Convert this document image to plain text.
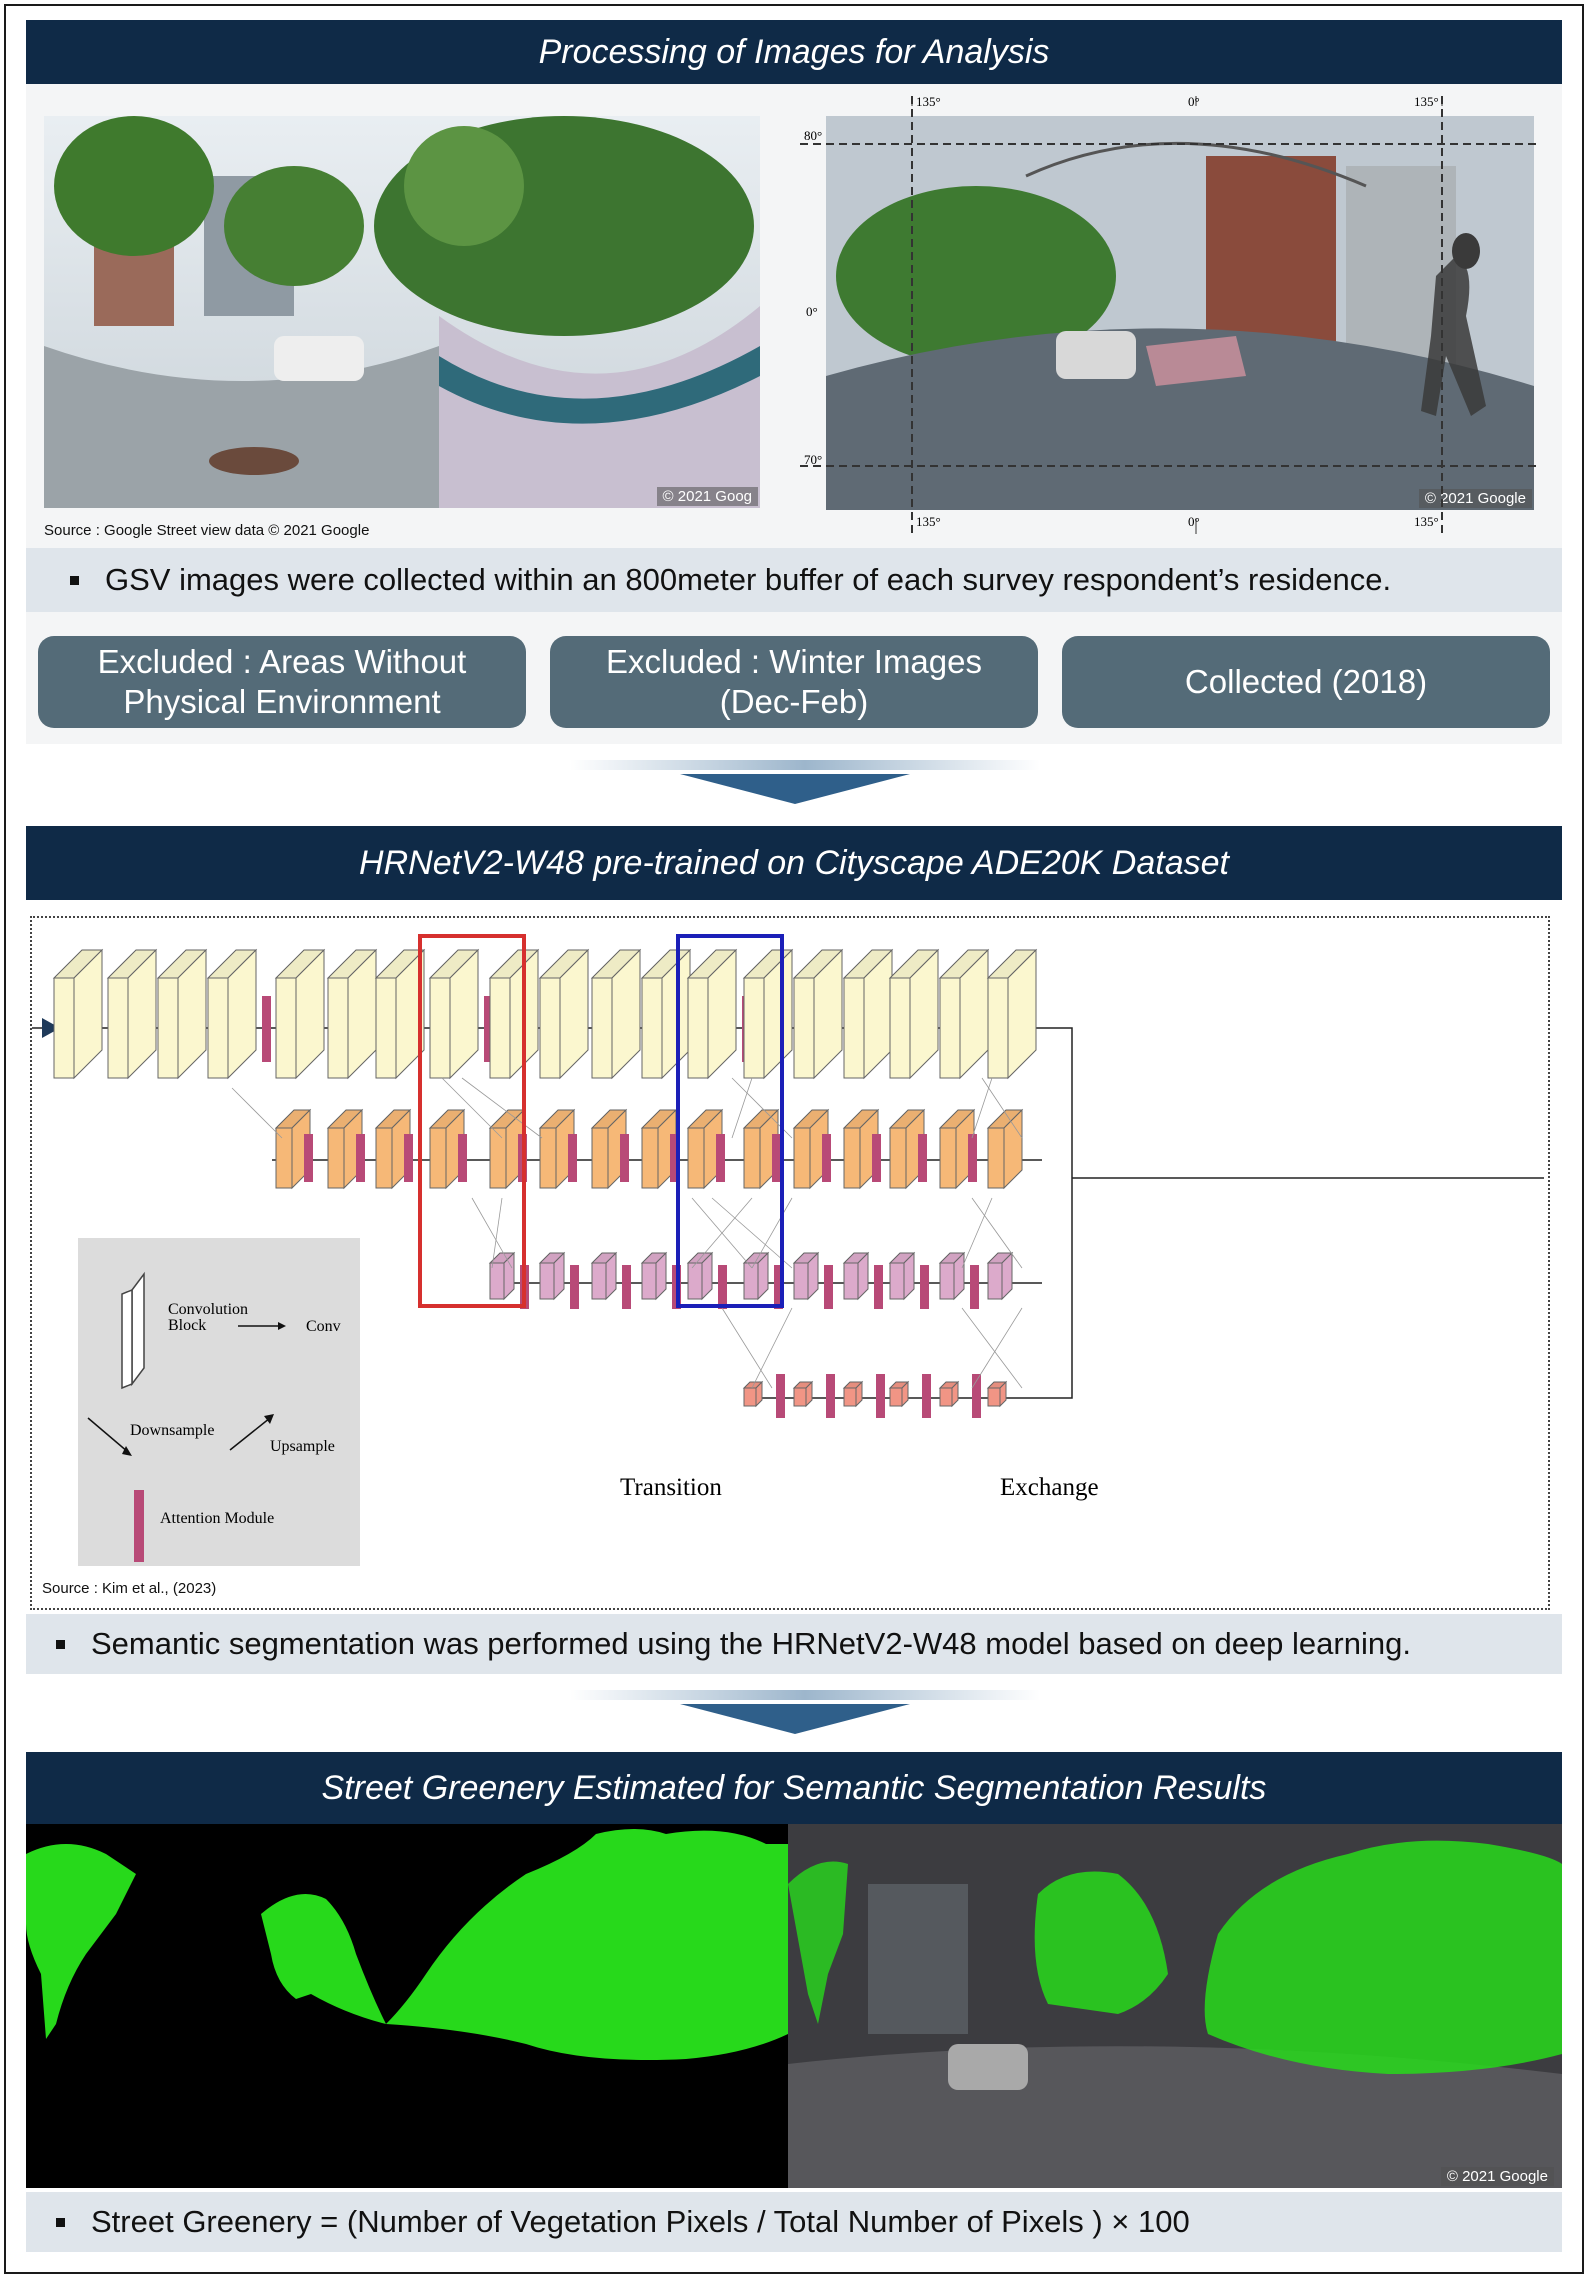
Processing of Images for Analysis
© 2021 Goog
Source : Google Street view data © 2021 Google
© 2021 Google
135°	0°	135°
135°	0°	135°
80°
0°
70°
GSV images were collected within an 800meter buffer of each survey respondent’s residence.
Excluded : Areas Without
Physical Environment
Excluded : Winter Images
(Dec-Feb)
Collected (2018)
HRNetV2-W48 pre-trained on Cityscape ADE20K Dataset
Convolution
Block	Conv
Downsample
Upsample
Attention Module
Transition	Exchange
Source : Kim et al., (2023)
Semantic segmentation was performed using the HRNetV2-W48 model based on deep learning.
Street Greenery Estimated for Semantic Segmentation Results
© 2021 Google
Street Greenery = (Number of Vegetation Pixels / Total Number of Pixels ) × 100
